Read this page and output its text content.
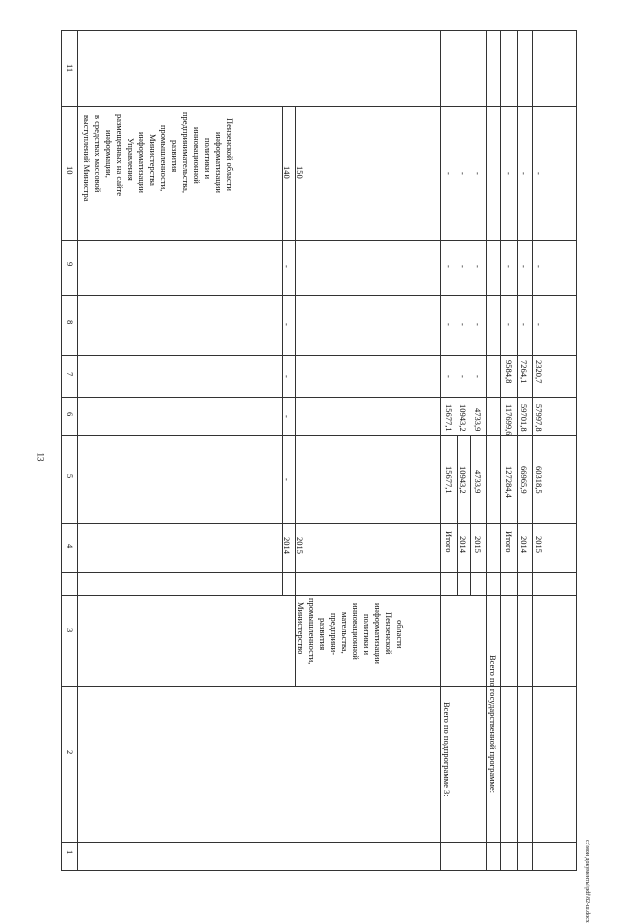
13
1
2
3
4
5
6
7
8
9
10
11
выступлений Министра в средствах массовой информации, размещенных на сайте Управления информатизации Министерства промышленности, развития предпринимательства, инновационной политики и информатизации Пензенской области	140 150
2014 2015
-
-
-
-
-
Министерство промышленности, развития предприни- мательства, инновационной политики и информатизации Пензенской области
Всего по подпрограмме 3:
Итого
15677,1
15677,1
-
-
-
-
2014
10943,2
10943,2
-
-
-
-
2015
4733,9
4733,9
-
-
-
-
Всего по государственной программе:
Итого
127284,4
117699,6
9584,8
-
-
-
2014
66965,9
59701,8
7264,1
-
-
-
2015
60318,5
57997,8
2320,7
-
-
-
c:\мои документы\pdf\82-ш.docx
